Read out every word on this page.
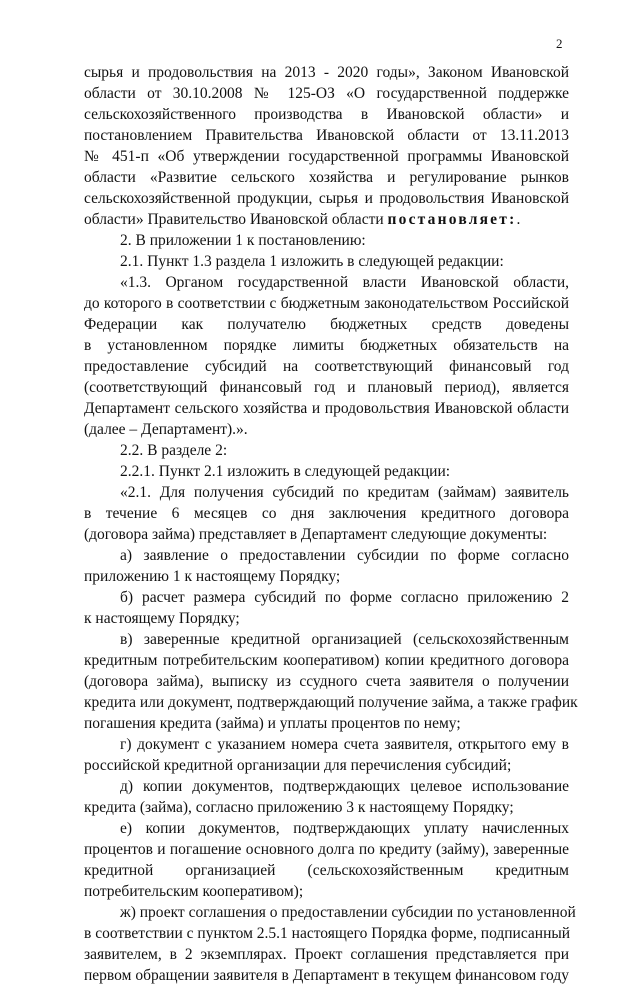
2
сырья и продовольствия на 2013 - 2020 годы», Законом Ивановской
области от 30.10.2008 № 125-ОЗ «О государственной поддержке
сельскохозяйственного производства в Ивановской области» и
постановлением Правительства Ивановской области от 13.11.2013
№ 451-п «Об утверждении государственной программы Ивановской
области «Развитие сельского хозяйства и регулирование рынков
сельскохозяйственной продукции, сырья и продовольствия Ивановской
области» Правительство Ивановской области постановляет:.
2. В приложении 1 к постановлению:
2.1. Пункт 1.3 раздела 1 изложить в следующей редакции:
«1.3. Органом государственной власти Ивановской области,
до которого в соответствии с бюджетным законодательством Российской
Федерации как получателю бюджетных средств доведены
в установленном порядке лимиты бюджетных обязательств на
предоставление субсидий на соответствующий финансовый год
(соответствующий финансовый год и плановый период), является
Департамент сельского хозяйства и продовольствия Ивановской области
(далее – Департамент).».
2.2. В разделе 2:
2.2.1. Пункт 2.1 изложить в следующей редакции:
«2.1. Для получения субсидий по кредитам (займам) заявитель
в течение 6 месяцев со дня заключения кредитного договора
(договора займа) представляет в Департамент следующие документы:
а) заявление о предоставлении субсидии по форме согласно
приложению 1 к настоящему Порядку;
б) расчет размера субсидий по форме согласно приложению 2
к настоящему Порядку;
в) заверенные кредитной организацией (сельскохозяйственным
кредитным потребительским кооперативом) копии кредитного договора
(договора займа), выписку из ссудного счета заявителя о получении
кредита или документ, подтверждающий получение займа, а также график
погашения кредита (займа) и уплаты процентов по нему;
г) документ с указанием номера счета заявителя, открытого ему в
российской кредитной организации для перечисления субсидий;
д) копии документов, подтверждающих целевое использование
кредита (займа), согласно приложению 3 к настоящему Порядку;
е) копии документов, подтверждающих уплату начисленных
процентов и погашение основного долга по кредиту (займу), заверенные
кредитной организацией (сельскохозяйственным кредитным
потребительским кооперативом);
ж) проект соглашения о предоставлении субсидии по установленной
в соответствии с пунктом 2.5.1 настоящего Порядка форме, подписанный
заявителем, в 2 экземплярах. Проект соглашения представляется при
первом обращении заявителя в Департамент в текущем финансовом году
